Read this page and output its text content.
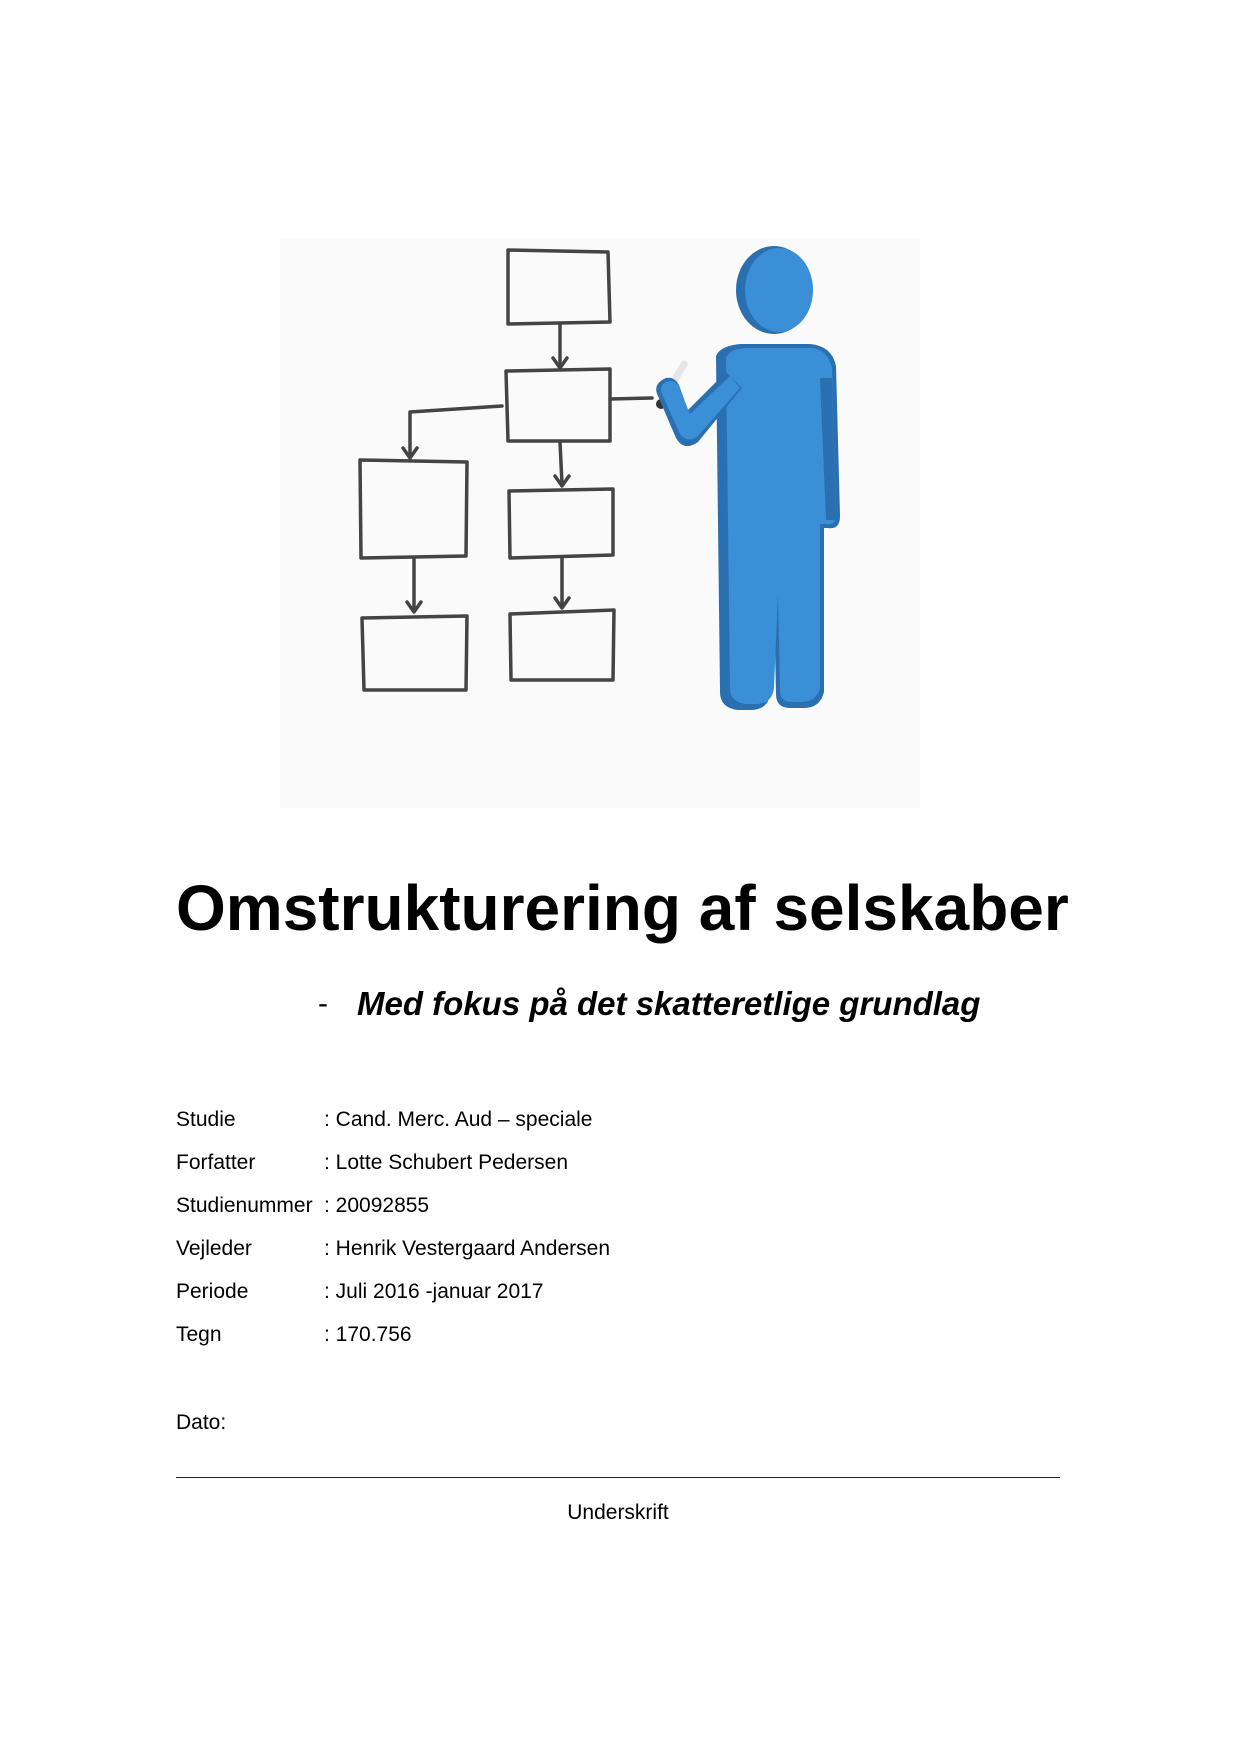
Omstrukturering af selskaber
- Med fokus på det skatteretlige grundlag
Studie	: Cand. Merc. Aud – speciale
Forfatter	: Lotte Schubert Pedersen
Studienummer : 20092855
Vejleder	: Henrik Vestergaard Andersen
Periode	: Juli 2016 -januar 2017
Tegn	: 170.756
Dato:
Underskrift
